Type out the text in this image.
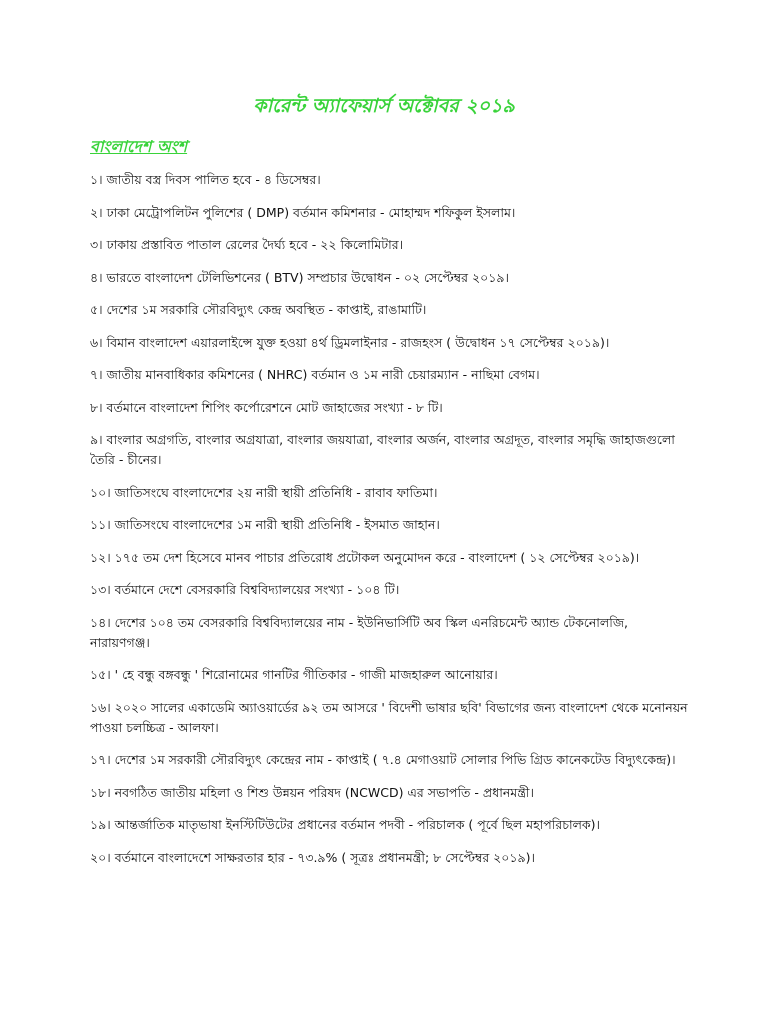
কারেন্ট অ্যাফেয়ার্স অক্টোবর ২০১৯
বাংলাদেশ অংশ
১। জাতীয় বস্ত্র দিবস পালিত হবে - ৪ ডিসেম্বর।
২। ঢাকা মেট্রোপলিটন পুলিশের ( DMP) বর্তমান কমিশনার - মোহাম্মদ শফিকুল ইসলাম।
৩। ঢাকায় প্রস্তাবিত পাতাল রেলের দৈর্ঘ্য হবে - ২২ কিলোমিটার।
৪। ভারতে বাংলাদেশ টেলিভিশনের ( BTV) সম্প্রচার উদ্বোধন - ০২ সেপ্টেম্বর ২০১৯।
৫। দেশের ১ম সরকারি সৌরবিদ্যুৎ কেন্দ্র অবস্থিত - কাপ্তাই, রাঙামাটি।
৬। বিমান বাংলাদেশ এয়ারলাইন্সে যুক্ত হওয়া ৪র্থ ড্রিমলাইনার - রাজহংস ( উদ্বোধন ১৭ সেপ্টেম্বর ২০১৯)।
৭। জাতীয় মানবাধিকার কমিশনের ( NHRC) বর্তমান ও ১ম নারী চেয়ারম্যান - নাছিমা বেগম।
৮। বর্তমানে বাংলাদেশ শিপিং কর্পোরেশনে মোট জাহাজের সংখ্যা - ৮ টি।
৯। বাংলার অগ্রগতি, বাংলার অগ্রযাত্রা, বাংলার জয়যাত্রা, বাংলার অর্জন, বাংলার অগ্রদূত, বাংলার সমৃদ্ধি জাহাজগুলো তৈরি - চীনের।
১০। জাতিসংঘে বাংলাদেশের ২য় নারী স্থায়ী প্রতিনিধি - রাবাব ফাতিমা।
১১। জাতিসংঘে বাংলাদেশের ১ম নারী স্থায়ী প্রতিনিধি - ইসমাত জাহান।
১২। ১৭৫ তম দেশ হিসেবে মানব পাচার প্রতিরোধ প্রটোকল অনুমোদন করে - বাংলাদেশ ( ১২ সেপ্টেম্বর ২০১৯)।
১৩। বর্তমানে দেশে বেসরকারি বিশ্ববিদ্যালয়ের সংখ্যা - ১০৪ টি।
১৪। দেশের ১০৪ তম বেসরকারি বিশ্ববিদ্যালয়ের নাম - ইউনিভার্সিটি অব স্কিল এনরিচমেন্ট অ্যান্ড টেকনোলজি, নারায়ণগঞ্জ।
১৫। ' হে বন্ধু বঙ্গবন্ধু ' শিরোনামের গানটির গীতিকার - গাজী মাজহারুল আনোয়ার।
১৬। ২০২০ সালের একাডেমি অ্যাওয়ার্ডের ৯২ তম আসরে ' বিদেশী ভাষার ছবি' বিভাগের জন্য বাংলাদেশ থেকে মনোনয়ন পাওয়া চলচ্চিত্র - আলফা।
১৭। দেশের ১ম সরকারী সৌরবিদ্যুৎ কেন্দ্রের নাম - কাপ্তাই ( ৭.৪ মেগাওয়াট সোলার পিভি গ্রিড কানেকটেড বিদ্যুৎকেন্দ্র)।
১৮। নবগঠিত জাতীয় মহিলা ও শিশু উন্নয়ন পরিষদ (NCWCD) এর সভাপতি - প্রধানমন্ত্রী।
১৯। আন্তর্জাতিক মাতৃভাষা ইনস্টিটিউটের প্রধানের বর্তমান পদবী - পরিচালক ( পূর্বে ছিল মহাপরিচালক)।
২০। বর্তমানে বাংলাদেশে সাক্ষরতার হার - ৭৩.৯% ( সূত্রঃ প্রধানমন্ত্রী; ৮ সেপ্টেম্বর ২০১৯)।
